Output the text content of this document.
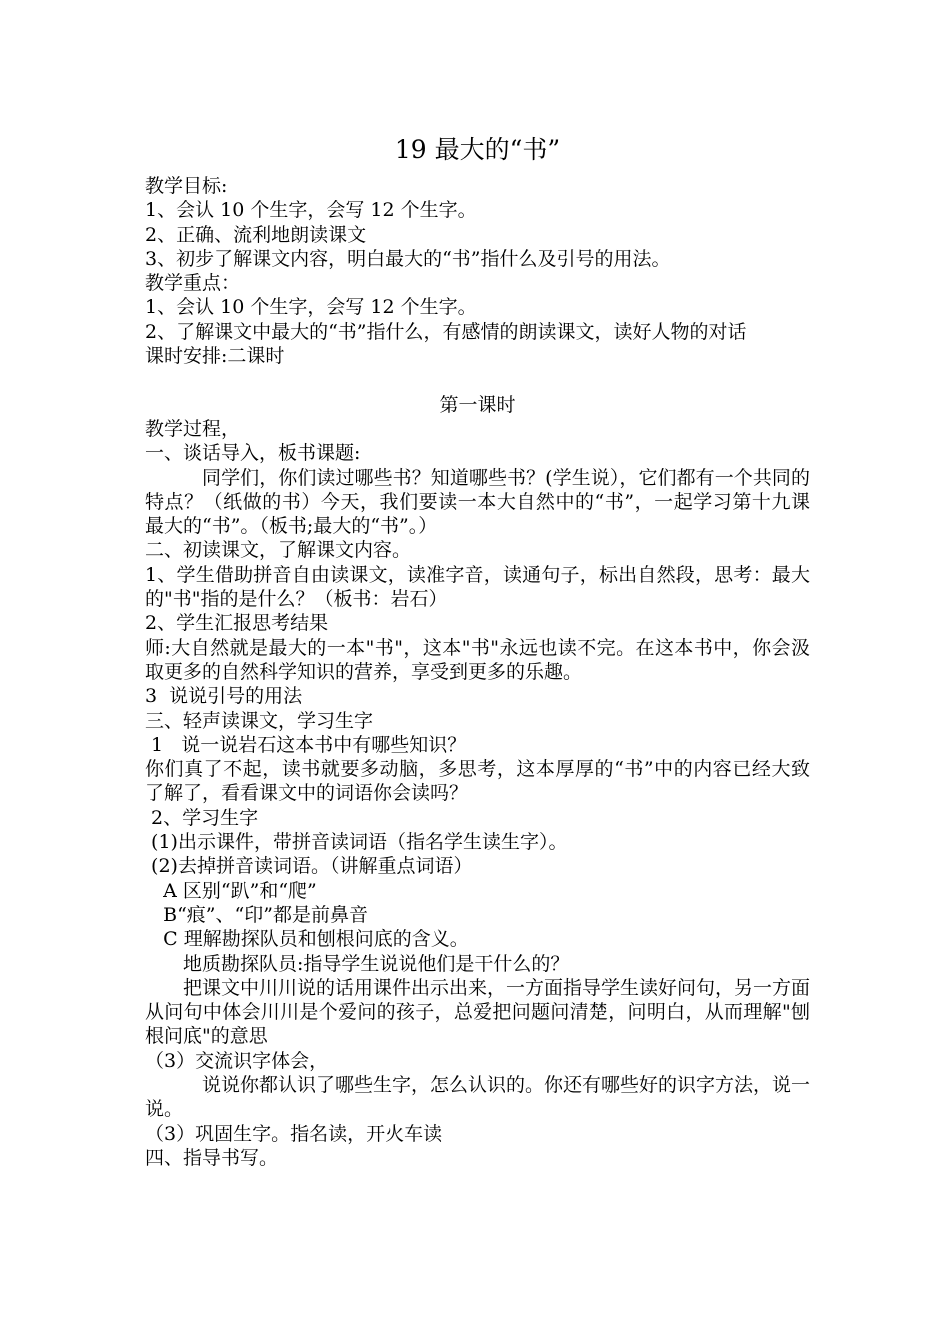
19 最大的“书”

教学目标:

1、会认 10 个生字，会写 12 个生字。

2、正确、流利地朗读课文

3、初步了解课文内容，明白最大的“书”指什么及引号的用法。

教学重点：

1、会认 10 个生字，会写 12 个生字。

2、了解课文中最大的“书”指什么，有感情的朗读课文，读好人物的对话

课时安排:二课时

第一课时

教学过程，

一、谈话导入，板书课题:

同学们，你们读过哪些书？知道哪些书？(学生说），它们都有一个共同的特点？（纸做的书）今天，我们要读一本大自然中的“书”，一起学习第十九课最大的“书”。（板书;最大的“书”。）

二、初读课文，了解课文内容。

1、学生借助拼音自由读课文，读准字音，读通句子，标出自然段，思考：最大的"书"指的是什么？（板书：岩石）

2、学生汇报思考结果

师:大自然就是最大的一本"书"，这本"书"永远也读不完。在这本书中，你会汲取更多的自然科学知识的营养，享受到更多的乐趣。

3  说说引号的用法

三、轻声读课文，学习生字

1   说一说岩石这本书中有哪些知识？

你们真了不起，读书就要多动脑，多思考，这本厚厚的“书”中的内容已经大致了解了，看看课文中的词语你会读吗？

2、学习生字

(1)出示课件，带拼音读词语（指名学生读生字）。

(2)去掉拼音读词语。（讲解重点词语）

A 区别“趴”和“爬”

B“痕”、“印”都是前鼻音

C 理解勘探队员和刨根问底的含义。

地质勘探队员:指导学生说说他们是干什么的？

把课文中川川说的话用课件出示出来，一方面指导学生读好问句，另一方面从问句中体会川川是个爱问的孩子，总爱把问题问清楚，问明白，从而理解"刨根问底"的意思

（3）交流识字体会，

说说你都认识了哪些生字，怎么认识的。你还有哪些好的识字方法，说一说。

（3）巩固生字。指名读，开火车读

四、指导书写。
